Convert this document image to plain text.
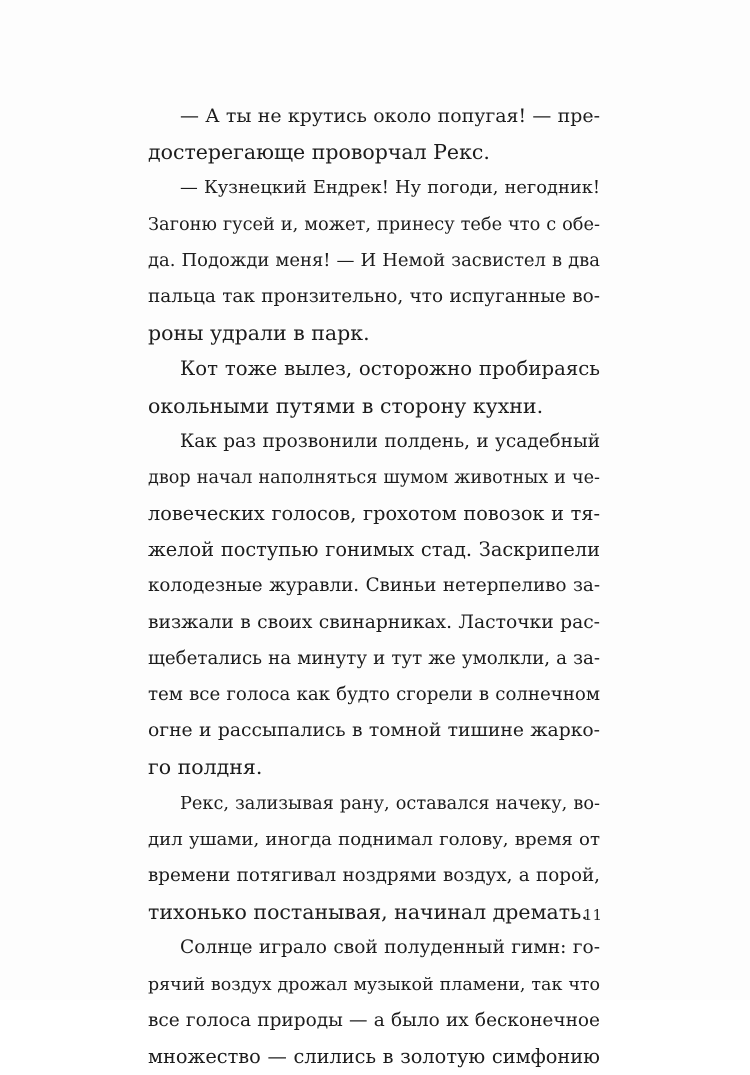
— А ты не крутись около попугая! — пре-
достерегающе проворчал Рекс.
— Кузнецкий Ендрек! Ну погоди, негодник!
Загоню гусей и, может, принесу тебе что с обе-
да. Подожди меня! — И Немой засвистел в два
пальца так пронзительно, что испуганные во-
роны удрали в парк.
Кот тоже вылез, осторожно пробираясь
окольными путями в сторону кухни.
Как раз прозвонили полдень, и усадебный
двор начал наполняться шумом животных и че-
ловеческих голосов, грохотом повозок и тя-
желой поступью гонимых стад. Заскрипели
колодезные журавли. Свиньи нетерпеливо за-
визжали в своих свинарниках. Ласточки рас-
щебетались на минуту и тут же умолкли, а за-
тем все голоса как будто сгорели в солнечном
огне и рассыпались в томной тишине жарко-
го полдня.
Рекс, зализывая рану, оставался начеку, во-
дил ушами, иногда поднимал голову, время от
времени потягивал ноздрями воздух, а порой,
тихонько постанывая, начинал дремать.
Солнце играло свой полуденный гимн: го-
рячий воздух дрожал музыкой пламени, так что
все голоса природы — а было их бесконечное
множество — слились в золотую симфонию
11
